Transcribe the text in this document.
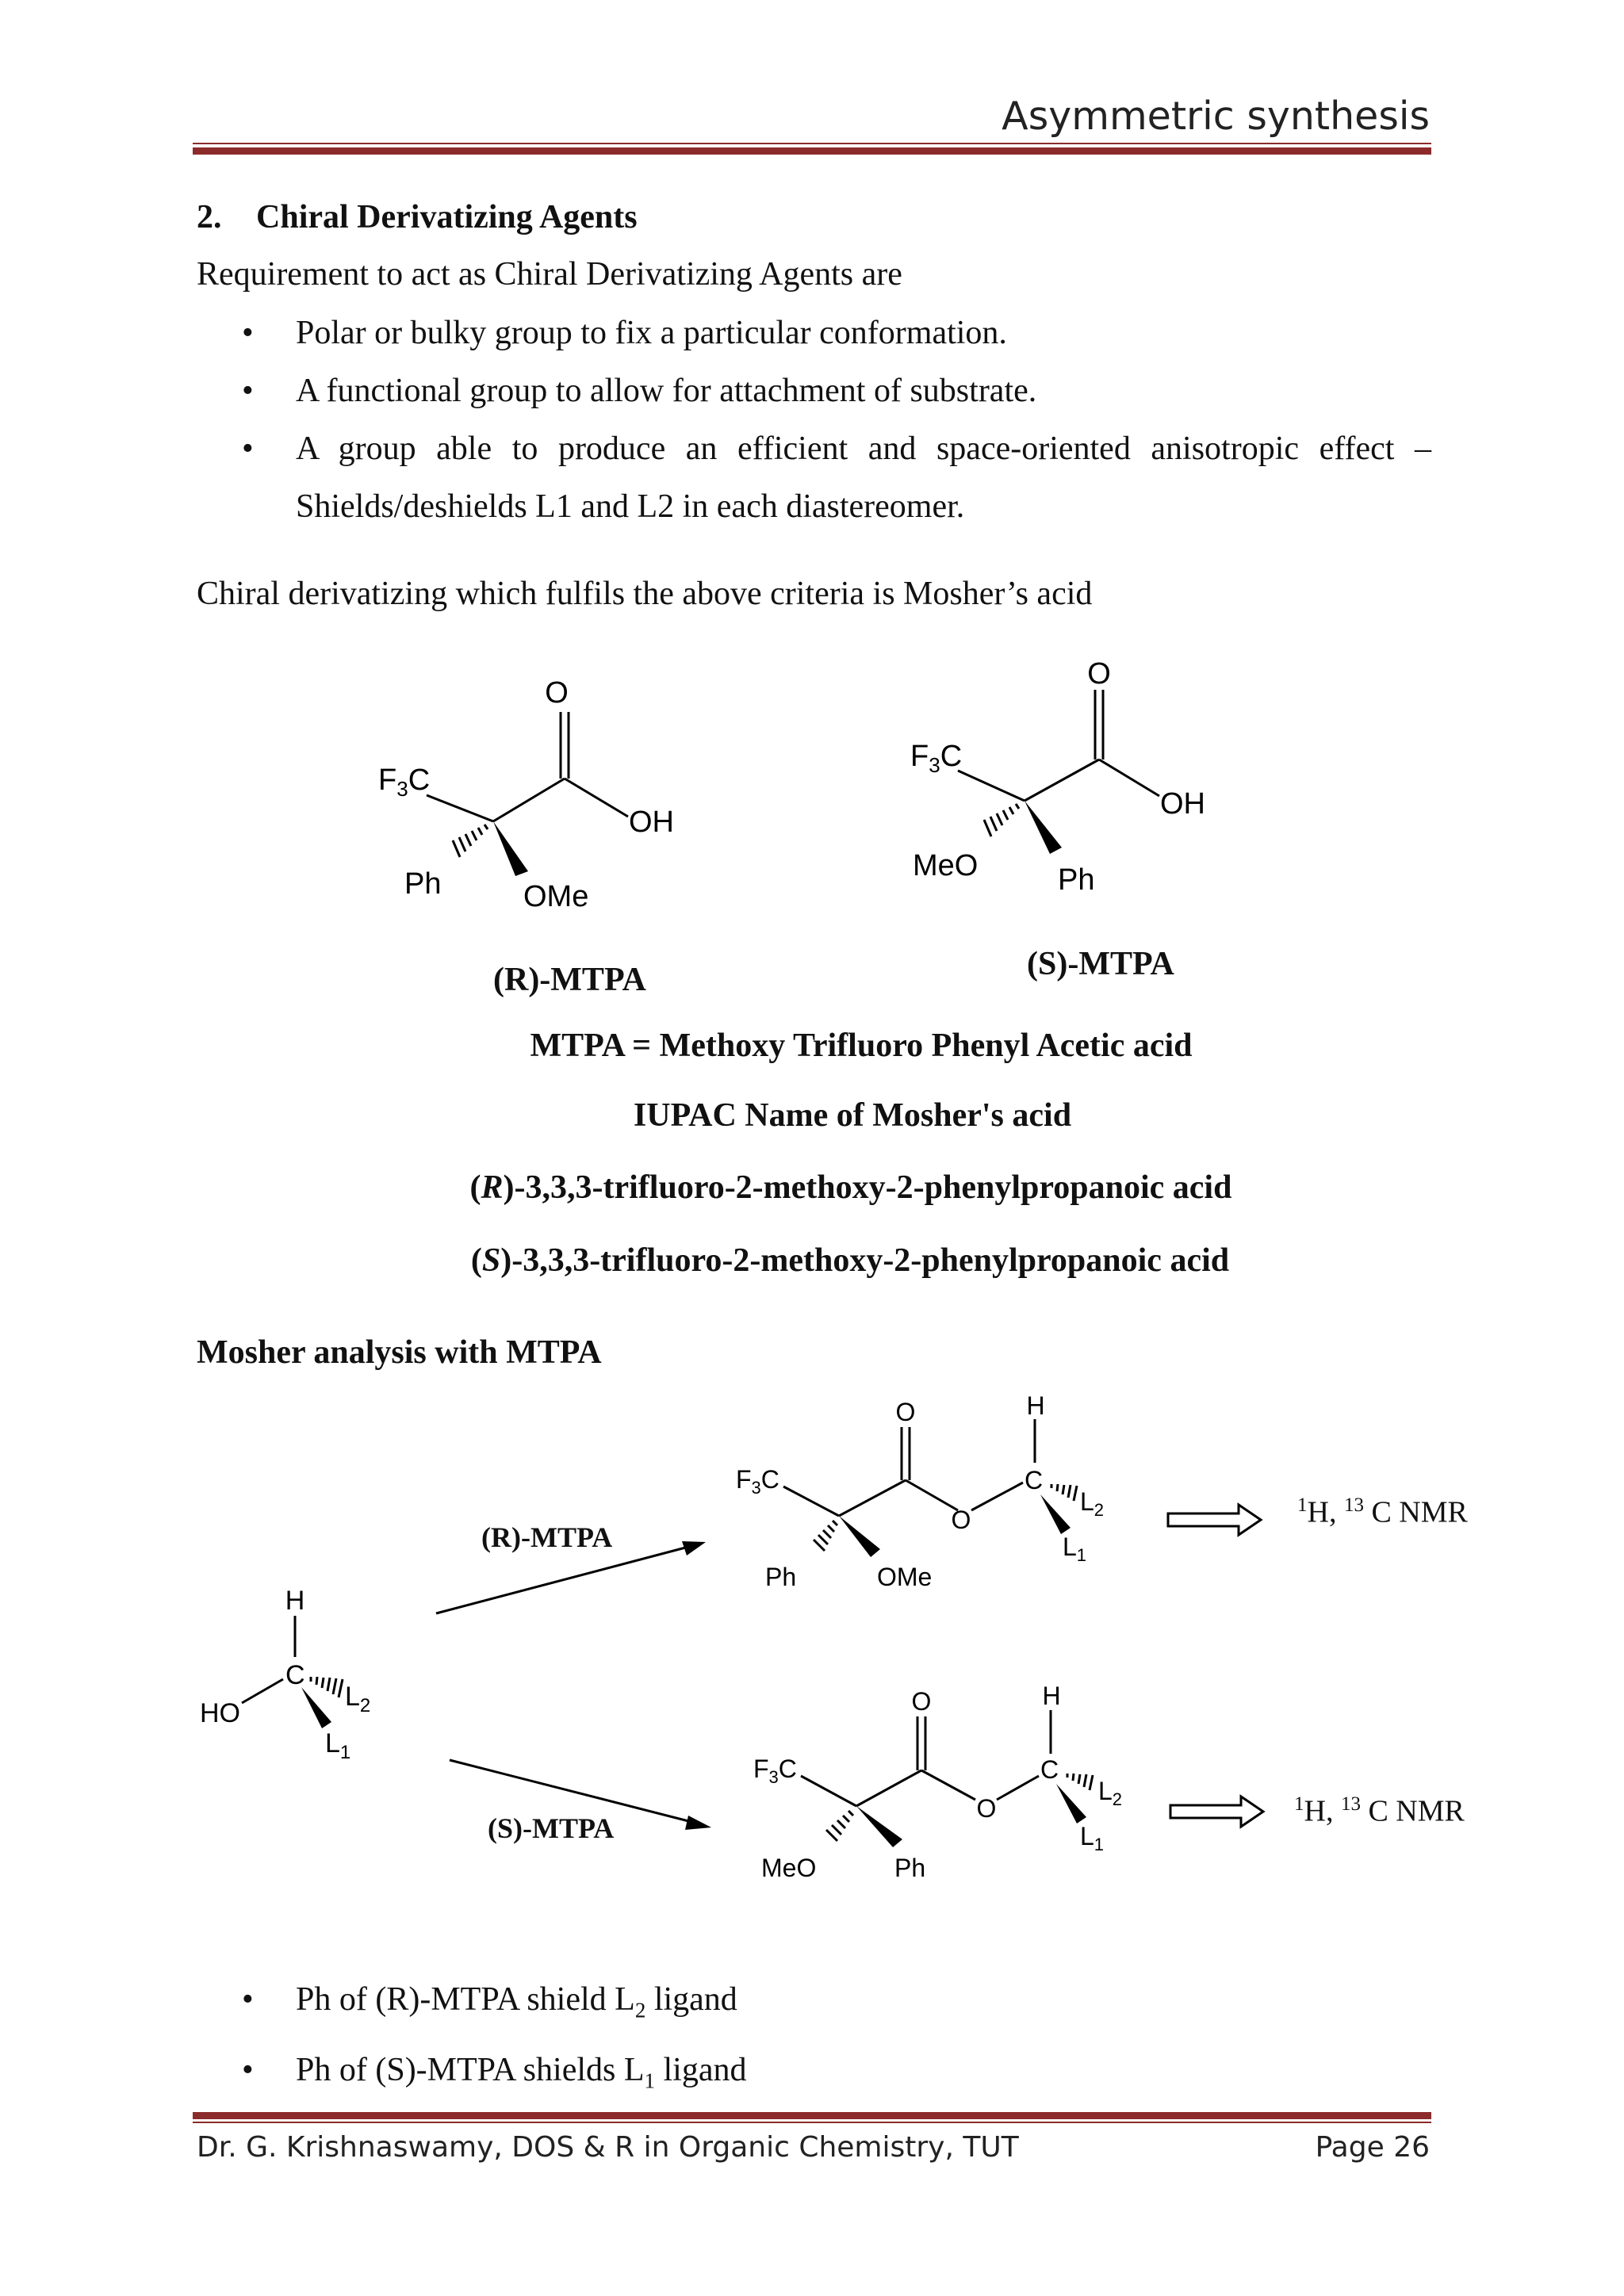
Asymmetric synthesis
2. Chiral Derivatizing Agents
Requirement to act as Chiral Derivatizing Agents are
• Polar or bulky group to fix a particular conformation.
• A functional group to allow for attachment of substrate.
• A group able to produce an efficient and space-oriented anisotropic effect –
Shields/deshields L1 and L2 in each diastereomer.
Chiral derivatizing which fulfils the above criteria is Mosher’s acid
O
OH
$F_3C$
Ph	OMe
O
OH
$F_3C$
MeO	Ph
(R)-MTPA	(S)-MTPA
MTPA = Methoxy Trifluoro Phenyl Acetic acid
IUPAC Name of Mosher's acid
(R)-3,3,3-trifluoro-2-methoxy-2-phenylpropanoic acid
(S)-3,3,3-trifluoro-2-methoxy-2-phenylpropanoic acid
Mosher analysis with MTPA
H
C
HO
$L_2$
$L_1$
$F_3C$
O
O
C
H
$L_2$
$L_1$
Ph	OMe
$F_3C$
O
O
C
H
$L_2$
$L_1$
MeO	Ph
(R)-MTPA
(S)-MTPA
$^1$H, $^{13}$ C NMR
$^1$H, $^{13}$ C NMR
• Ph of (R)-MTPA shield $L_2$ ligand
• Ph of (S)-MTPA shields $L_1$ ligand
Dr. G. Krishnaswamy, DOS & R in Organic Chemistry, TUT	Page 26
